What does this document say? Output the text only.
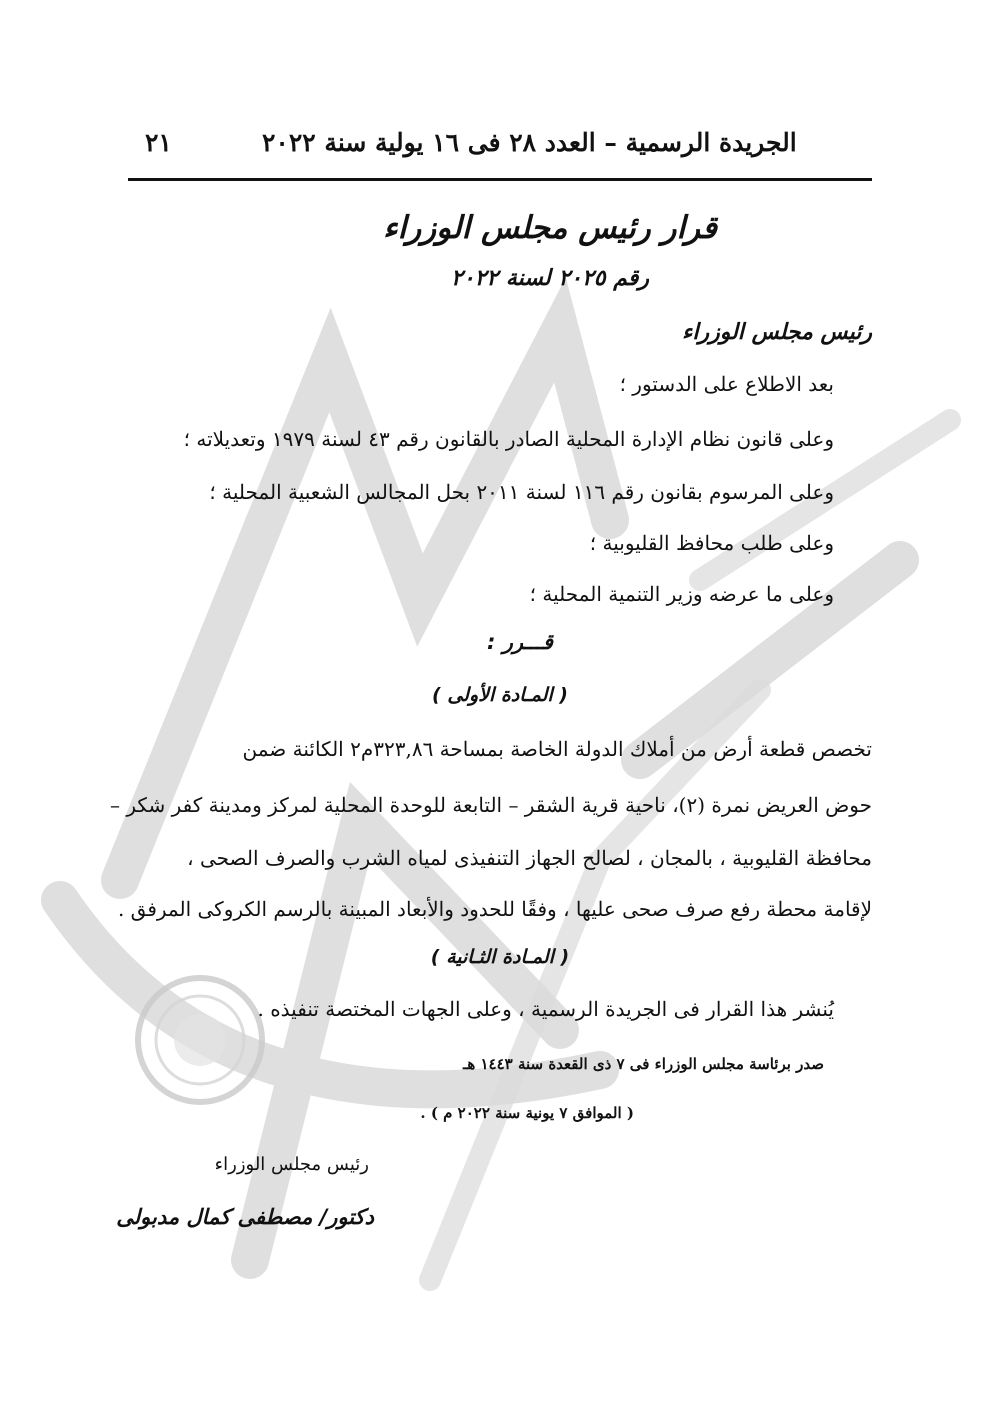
الجريدة الرسمية – العدد ٢٨ فى ١٦ يولية سنة ٢٠٢٢
٢١
قرار رئيس مجلس الوزراء
رقم ٢٠٢٥ لسنة ٢٠٢٢
رئيس مجلس الوزراء
بعد الاطلاع على الدستور ؛
وعلى قانون نظام الإدارة المحلية الصادر بالقانون رقم ٤٣ لسنة ١٩٧٩ وتعديلاته ؛
وعلى المرسوم بقانون رقم ١١٦ لسنة ٢٠١١ بحل المجالس الشعبية المحلية ؛
وعلى طلب محافظ القليوبية ؛
وعلى ما عرضه وزير التنمية المحلية ؛
قـــرر :
( المـادة الأولى )
تخصص قطعة أرض من أملاك الدولة الخاصة بمساحة ٣٢٣,٨٦م٢ الكائنة ضمن
حوض العريض نمرة (٢)، ناحية قرية الشقر – التابعة للوحدة المحلية لمركز ومدينة كفر شكر –
محافظة القليوبية ، بالمجان ، لصالح الجهاز التنفيذى لمياه الشرب والصرف الصحى ،
لإقامة محطة رفع صرف صحى عليها ، وفقًا للحدود والأبعاد المبينة بالرسم الكروكى المرفق .
( المـادة الثـانية )
يُنشر هذا القرار فى الجريدة الرسمية ، وعلى الجهات المختصة تنفيذه .
صدر برئاسة مجلس الوزراء فى ٧ ذى القعدة سنة ١٤٤٣ هـ
( الموافق ٧ يونية سنة ٢٠٢٢ م ) .
رئيس مجلس الوزراء
دكتور/ مصطفى كمال مدبولى
